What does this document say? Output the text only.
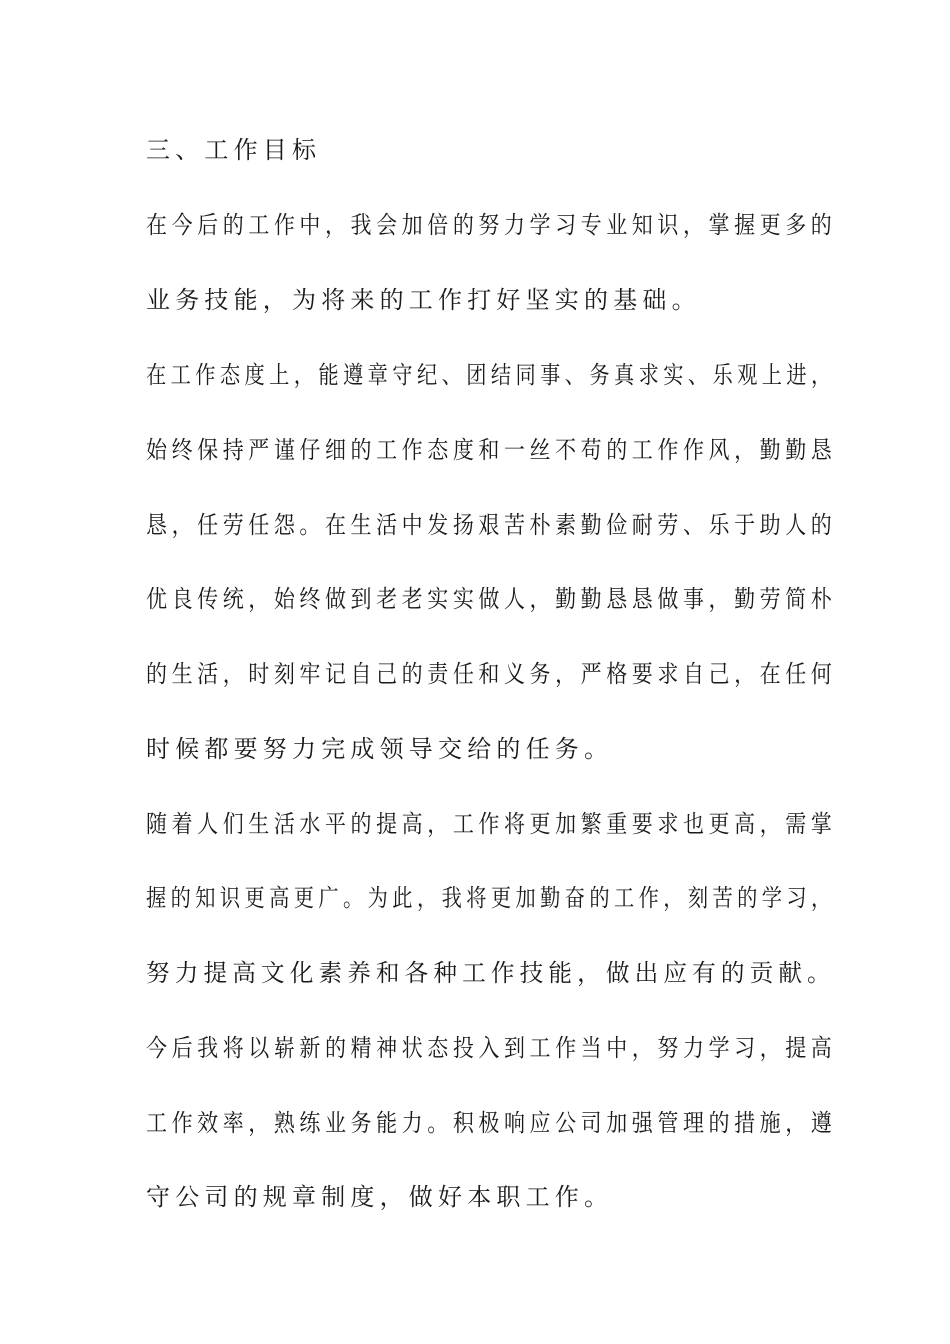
三、工作目标
在今后的工作中，我会加倍的努力学习专业知识，掌握更多的
业务技能，为将来的工作打好坚实的基础。
在工作态度上，能遵章守纪、团结同事、务真求实、乐观上进，
始终保持严谨仔细的工作态度和一丝不苟的工作作风，勤勤恳
恳，任劳任怨。在生活中发扬艰苦朴素勤俭耐劳、乐于助人的
优良传统，始终做到老老实实做人，勤勤恳恳做事，勤劳简朴
的生活，时刻牢记自己的责任和义务，严格要求自己，在任何
时候都要努力完成领导交给的任务。
随着人们生活水平的提高，工作将更加繁重要求也更高，需掌
握的知识更高更广。为此，我将更加勤奋的工作，刻苦的学习，
努力提高文化素养和各种工作技能，做出应有的贡献。
今后我将以崭新的精神状态投入到工作当中，努力学习，提高
工作效率，熟练业务能力。积极响应公司加强管理的措施，遵
守公司的规章制度，做好本职工作。
